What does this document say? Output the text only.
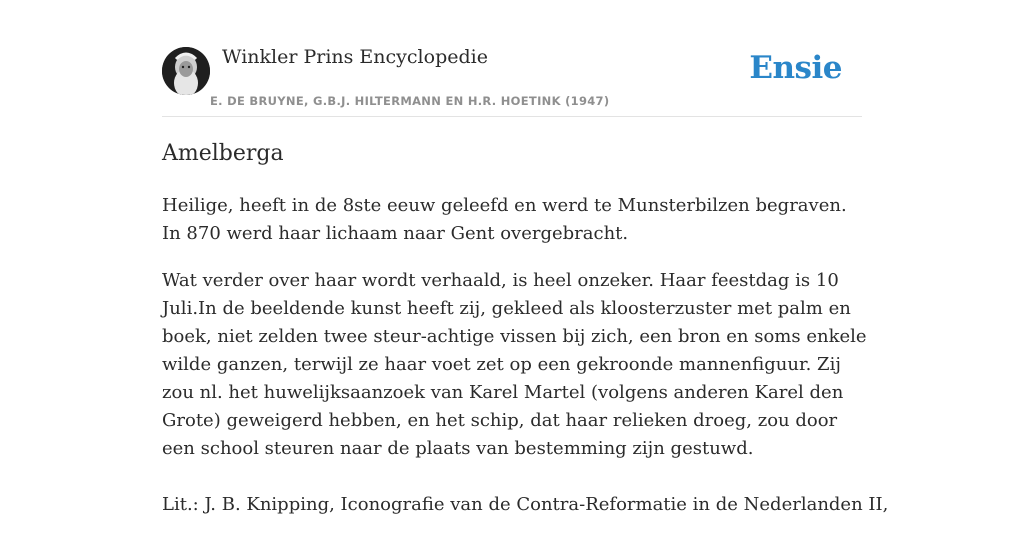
Winkler Prins Encyclopedie
E. DE BRUYNE, G.B.J. HILTERMANN EN H.R. HOETINK (1947)
Ensie
Amelberga

Heilige, heeft in de 8ste eeuw geleefd en werd te Munsterbilzen begraven. In 870 werd haar lichaam naar Gent overgebracht.

Wat verder over haar wordt verhaald, is heel onzeker. Haar feestdag is 10 Juli.In de beeldende kunst heeft zij, gekleed als kloosterzuster met palm en boek, niet zelden twee steur-achtige vissen bij zich, een bron en soms enkele wilde ganzen, terwijl ze haar voet zet op een gekroonde mannenfiguur. Zij zou nl. het huwelijksaanzoek van Karel Martel (volgens anderen Karel den Grote) geweigerd hebben, en het schip, dat haar relieken droeg, zou door een school steuren naar de plaats van bestemming zijn gestuwd.

Lit.: J. B. Knipping, Iconografie van de Contra-Reformatie in de Nederlanden II,
